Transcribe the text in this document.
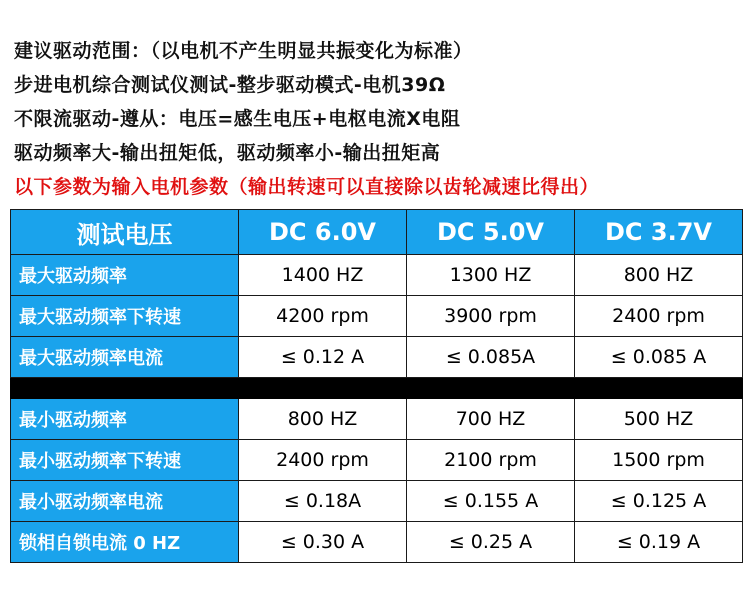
建议驱动范围：（以电机不产生明显共振变化为标准）
步进电机综合测试仪测试-整步驱动模式-电机39Ω
不限流驱动-遵从：电压=感生电压+电枢电流X电阻
驱动频率大-输出扭矩低，驱动频率小-输出扭矩高
以下参数为输入电机参数（输出转速可以直接除以齿轮减速比得出）
测试电压	DC 6.0V	DC 5.0V	DC 3.7V
最大驱动频率	1400 HZ	1300 HZ	800 HZ
最大驱动频率下转速	4200 rpm	3900 rpm	2400 rpm
最大驱动频率电流	≤ 0.12 A	≤ 0.085A	≤ 0.085 A

最小驱动频率	800 HZ	700 HZ	500 HZ
最小驱动频率下转速	2400 rpm	2100 rpm	1500 rpm
最小驱动频率电流	≤ 0.18A	≤ 0.155 A	≤ 0.125 A
锁相自锁电流 0 HZ	≤ 0.30 A	≤ 0.25 A	≤ 0.19 A
